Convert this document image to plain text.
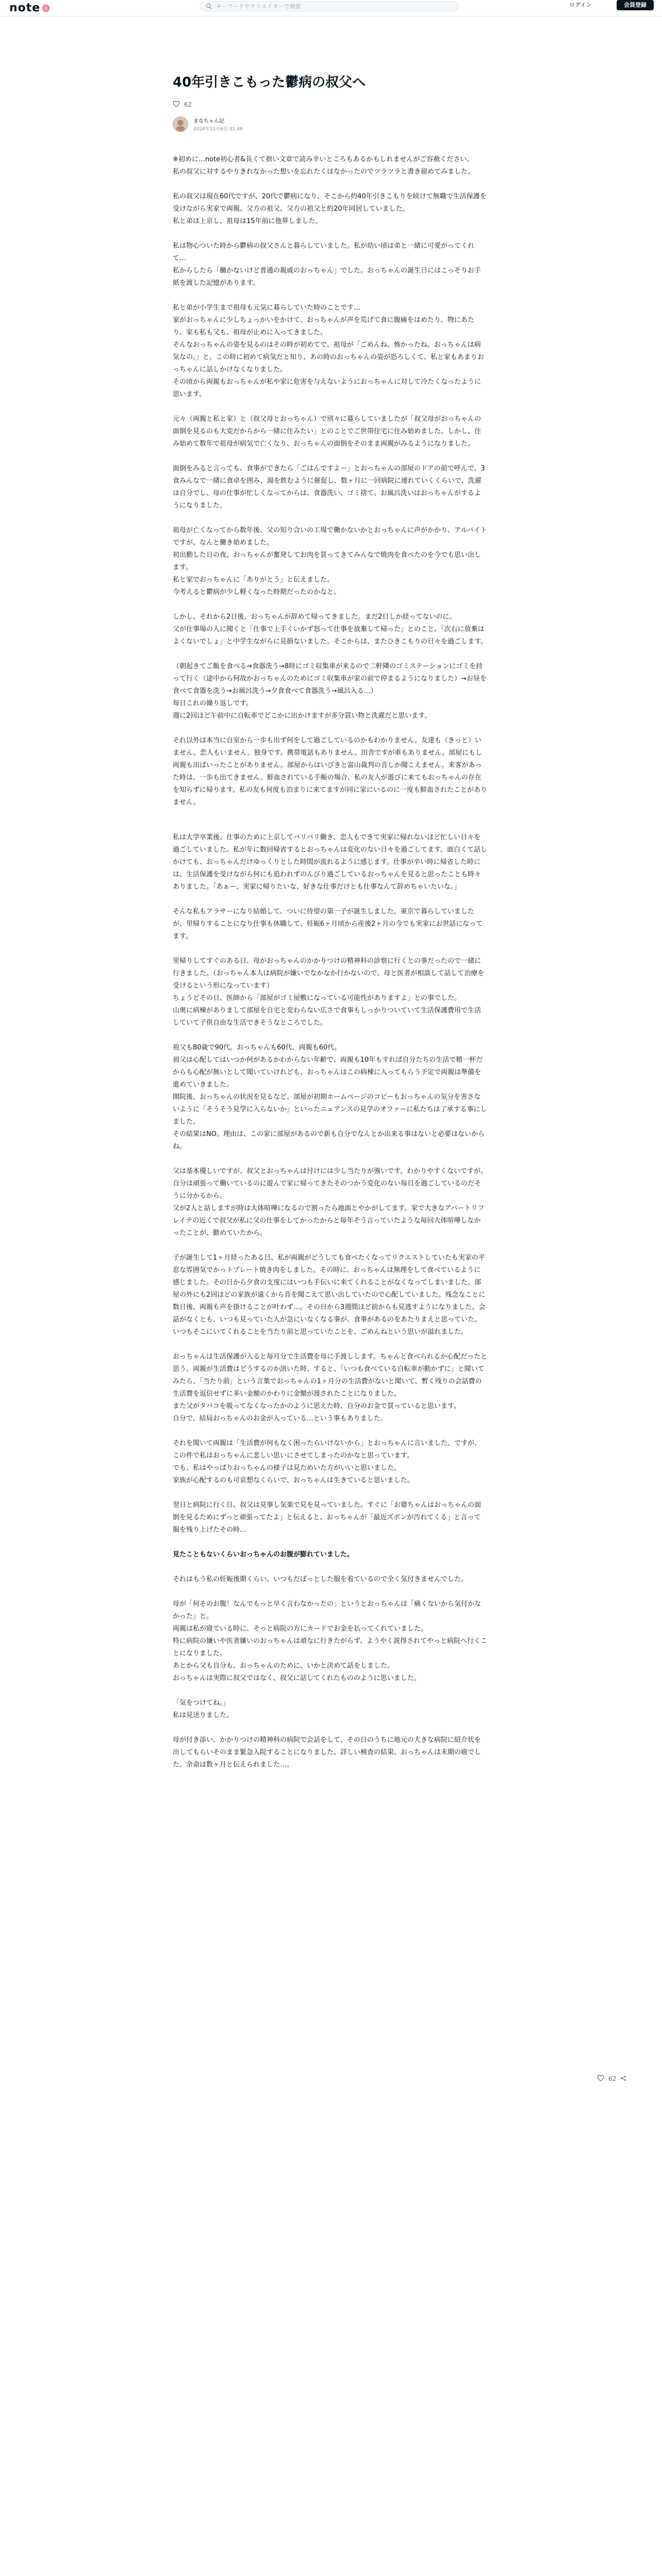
note	キーワードやクリエイターで検索	ログイン	会員登録
40年引きこもった鬱病の叔父へ
62
まなちゃん記
2024年11月6日 01:46

※初めに…note初心者&長くて拙い文章で読み辛いところもあるかもしれませんがご容赦ください。
私の叔父に対するやりきれなかった想いを忘れたくはなかったのでツラツラと書き留めてみました。

私の叔父は現在60代ですが、20代で鬱病になり、そこから約40年引きこもりを続けて無職で生活保護を受けながら実家で両親、父方の祖父、父方の祖父と約20年同居していました。
私と弟は上京し、祖母は15年前に他界しました。

私は物心ついた時から鬱病の叔父さんと暮らしていました。私が幼い頃は弟と一緒に可愛がってくれて…
私からしたら「働かないけど普通の親戚のおっちゃん」でした。おっちゃんの誕生日にはこっそりお手紙を渡した記憶があります。

私と弟が小学生まで祖母も元気に暮らしていた時のことです…
家がおっちゃんに少しちょっかいをかけて、おっちゃんが声を荒げて食に腹痛をはめたり、物にあたり、家も私も父も、祖母が止めに入ってきました。
そんなおっちゃんの姿を見るのはその時が初めてで、祖母が「ごめんね、怖かったね。おっちゃんは病気なの。」と。この時に初めて病気だと知り、あの時のおっちゃんの姿が恐ろしくて、私と家もあまりおっちゃんに話しかけなくなりました。
その頃から両親もおっちゃんが私や家に危害を与えないようにおっちゃんに対して冷たくなったように思います。

元々（両親と私と家）と（叔父母とおっちゃん）で別々に暮らしていましたが「叔父母がおっちゃんの面倒を見るのも大変だからから一緒に住みたい」とのことでご世帯住宅に住み始めました。しかし、住み始めて数年で祖母が病気で亡くなり、おっちゃんの面倒をそのまま両親がみるようになりました。

面倒をみると言っても、食事ができたら「ごはんですよー」とおっちゃんの部屋のドアの前で呼んで、3食みんなで一緒に食卓を囲み、湯を飲むように催促し、数ヶ月に一回病院に連れていくくらいで、洗濯は自分でし、母の仕事が忙しくなってからは、食器洗い、ゴミ捨て、お風呂洗いはおっちゃんがするようになりました。

祖母が亡くなってから数年後、父の知り合いの工場で働かないかとおっちゃんに声がかかり、アルバイトですが、なんと働き始めました。
初出勤した日の夜、おっちゃんが奮発してお肉を買ってきてみんなで焼肉を食べたのを今でも思い出します。
私と家でおっちゃんに「ありがとう」と伝えました。
今考えると鬱病が少し軽くなった時期だったのかなと。

しかし、それから2日後、おっちゃんが辞めて帰ってきました。まだ2日しか経ってないのに。
父が仕事場の人に聞くと「仕事で上手くいかず怒って仕事を放棄して帰った」とのこと。「次右に放棄はよくないでしょ」と中学生ながらに見損ないました。そこからは、またひきこもりの日々を過ごします。

（朝起きてご飯を食べる→食器洗う→8時にゴミ収集車が来るので二軒隣のゴミステーションにゴミを持って行く（途中から何故かおっちゃんのためにゴミ収集車が家の前で停まるようになりました）→お昼を食べて食器を洗う→お風呂洗う→夕食食べて食器洗う→風呂入る…）
毎日これの繰り返しです。
週に2回ほど午前中に自転車でどこかに出かけますが多分買い物と洗濯だと思います。

それ以外は本当に自室から一歩も出ず何をして過ごしているのかもわかりません。友達も（きっと）いません。恋人もいません。独身です。携帯電話もありません。田舎ですが車もありません。部屋にもし両親も出ぱいったことがありません。部屋からはいびきと富山裁判の音しか聞こえません。来客があった時は、一歩も出てきません。鮮血されている手帳の場合、私の友人が遊びに来てもおっちゃんの存在を知らずに帰ります。私の友も何度も泊まりに来てますが同に家にいるのに一度も鮮血されたことがありません。

私は大学卒業後、仕事のために上京してバリバリ働き、恋人もできて実家に帰れないほど忙しい日々を過ごしていました。私が年に数回帰省するとおっちゃんは変化のない日々を過ごしてます。面白くて話しかけても、おっちゃんだけゆっくりとした時間が流れるように感じます。仕事が辛い時に帰省した時には、生活保護を受けながら何にも追われずのんびり過ごしているおっちゃんを見ると思ったことも時々ありました。「あぁー、実家に帰りたいな、好きな仕事だけとも仕事なんて辞めちゃいたいな。」

そんな私もアラサーになり結婚して、ついに待望の第一子が誕生しました。東京で暮らしていましたが、里帰りすることになり仕事も休職して、妊娠6ヶ月頃から産後2ヶ月の今でも実家にお世話になってます。

里帰りしてすぐのある日、母がおっちゃんのかかりつけの精神科の診察に行くとの事だったので一緒に行きました。（おっちゃん本人は病院が嫌いでなかなか行かないので、母と医者が相談して話して治療を受けるという形になっています）
ちょうどその日、医師から「部屋がゴミ屋敷になっている可能性がありますよ」との事でした。
山奥に病棟がありまして部屋を自宅と変わらない広さで食事もしっかりついていて生活保護費用で生活していて子供自由な生活できそうなところでした。

祖父も80歳で90代。おっちゃんも60代、両親も60代。
祖父は心配してはいつか何があるかわからない年齢で、両親も10年もすれば自分たちの生活で精一杯だからも心配が無いとして聞いていけれども、おっちゃんはこの病棟に入ってもらう予定で両親は準備を進めていきました。
開院後、おっちゃんの状況を見るなど、部屋が初期ホームページのコピーもおっちゃんの気分を害さないように「そうそう見学に入らないか」といったニュアンスの見学のオファーに私たちは了承する事にしました。
その結果はNO。理由は、この家に部屋があるので新も自分でなんとか出来る事はないと必要はないからね。

父は基本優しいですが、叔父とおっちゃんは付けには少し当たりが強いです。わかりやすくないですが。自分は頑張って働いているのに遊んで家に帰ってきたそのつかう変化のない毎日を過ごしているのだそうに分かるから。
父が2人と話しますが時は大体喧嘩になるので割ったら地面とやかがしてます。家で大きなアパートリフレイテの近くで叔父が私に父の仕事をしてかったからと毎年そう言っていたような毎回大体喧嘩しなかったことが、勤めていたから。

子が誕生して1ヶ月経ったある日、私が両親がどうしても食べたくなってリクエストしていたも実家の平窓な雰囲気でかっトプレート焼き肉をしました。その時に、おっちゃんは無理をして食べているように感じました。その日から夕食の支度にはいつも手伝いに来てくれることがなくなってしまいました。部屋の外にも2回ほどの家族が遠くから音を聞こえて思い出していたので心配していました。残念なことに数日後、両親も声を掛けることが叶わず…。その日から3週間ほど前からも見逃すようになりました。会話がなくとも、いつも見っていた人が急にいなくなる事が、食事があるのをあたりまえと思っていた。いつもそこにいてくれることを当たり前と思っていたことを、ごめんねという思いが溢れました。

おっちゃんは生活保護が入ると毎月分で生活費を母に手渡しします。ちゃんと食べられるか心配だったと思う。両親が生活費はどうするのか訊いた時、すると、「いつも食べている自転車が動かずに」と聞いてみたら、「当たり前」という言葉でおっちゃんの1ヶ月分の生活費がないと聞いて、暫く残りの会話費の生活費を返信せずに多い金額のかわりに金額が渡されたことになりました。
また父がタバコを吸ってなくなったかのように思えた時、自分のお金で買っていると思います。
自分で、結局おっちゃんのお金が入っている…という事もありました。

それを聞いて両親は「生活費が何もなく困ったらいけないから」とおっちゃんに言いました。ですが、この件で私はおっちゃんに悲しい思いにさせてしまったのかなと思っています。
でも、私はやっぱりおっちゃんの様子は見ためいた方がいいと思いました。
家族が心配するのも可哀想なくらいで、おっちゃんは生きていると思いました。

翌日と病院に行く日、叔父は見事し気楽で見を見っていました。すぐに「お婆ちゃんはおっちゃんの面倒を見るためにずっと頑張ってたよ」と伝えると、おっちゃんが「最近ズボンが汚れてくる」と言って服を残り上げたその時…

見たこともないくらいおっちゃんのお腹が膨れていました。

それはもう私の妊娠後期くらい。いつもだぼっとした服を着ているので全く気付きませんでした。

母が「何そのお腹！なんでもっと早く言わなかったの」というとおっちゃんは「痛くないから気付かなかった」と。
両親は私が寝ている時に、そっと病院の方にカードでお金を払ってくれていました。
特に病院の嫌いや医者嫌いのおっちゃんは頑なに行きたがらず、ようやく説得されてやっと病院へ行くことになりました。
あとから父も自分も、おっちゃんのために、いかと決めて話をしました。
おっちゃんは実際に叔父ではなく、叔父に話してくれたもののように思いました。

「気をつけてね。」
私は見送りました。

母が付き添い、かかりつけの精神科の病院で会話をして、その日のうちに地元の大きな病院に紹介状を出してもらいそのまま緊急入院することになりました。詳しい検査の結果、おっちゃんは末期の癌でした。余命は数ヶ月と伝えられました…。

62
